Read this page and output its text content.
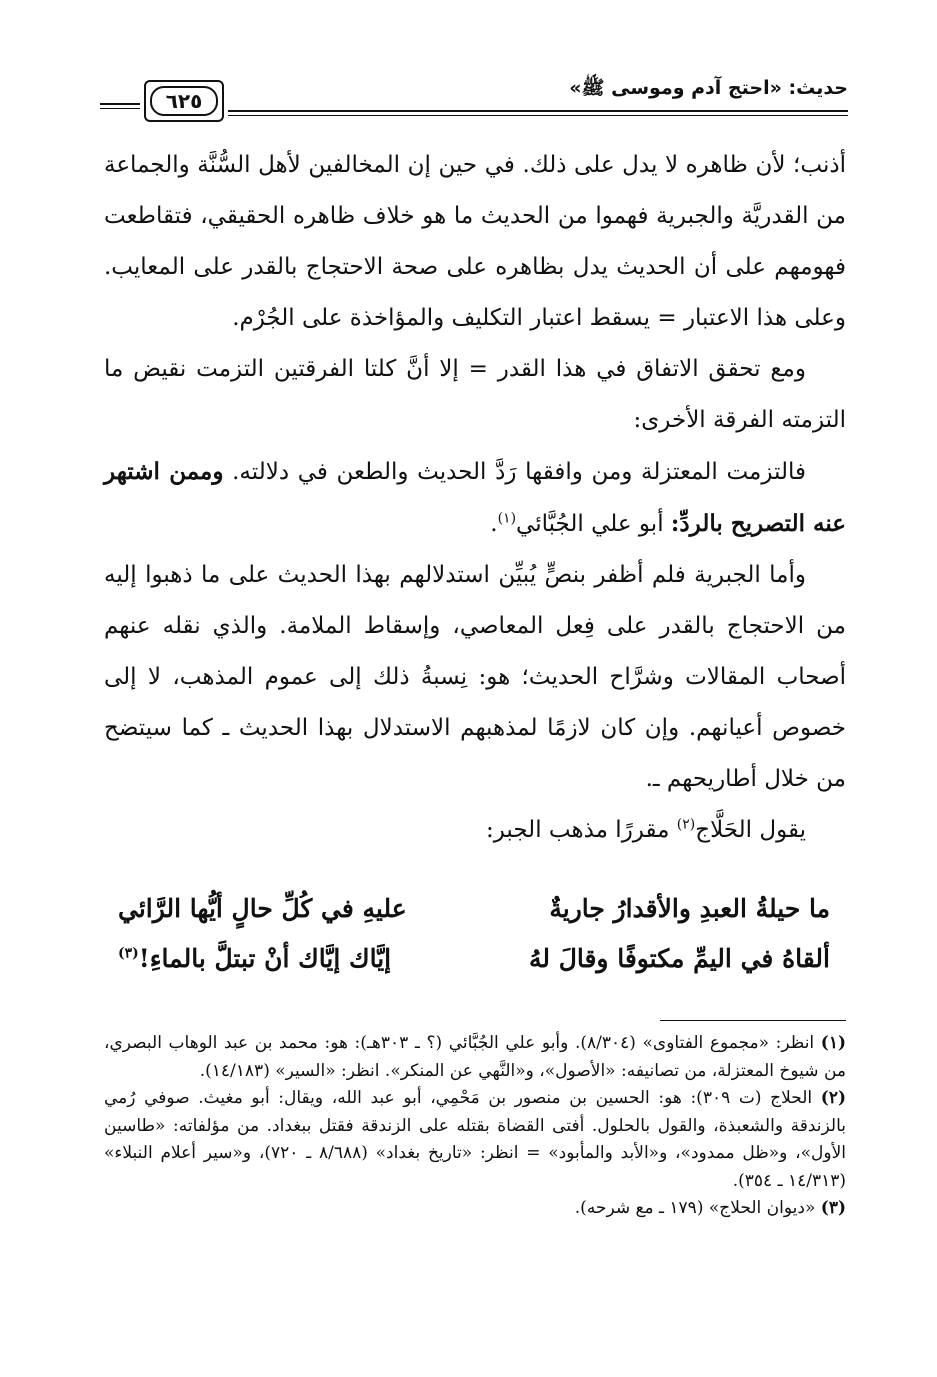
حديث: «احتج آدم وموسى ﷺ»
٦٢٥

أذنب؛ لأن ظاهره لا يدل على ذلك. في حين إن المخالفين لأهل السُّنَّة والجماعة من القدريَّة والجبرية فهموا من الحديث ما هو خلاف ظاهره الحقيقي، فتقاطعت فهومهم على أن الحديث يدل بظاهره على صحة الاحتجاج بالقدر على المعايب. وعلى هذا الاعتبار = يسقط اعتبار التكليف والمؤاخذة على الجُرْم.

ومع تحقق الاتفاق في هذا القدر = إلا أنَّ كلتا الفرقتين التزمت نقيض ما التزمته الفرقة الأخرى:

فالتزمت المعتزلة ومن وافقها رَدَّ الحديث والطعن في دلالته. وممن اشتهر عنه التصريح بالردِّ: أبو علي الجُبَّائي$^{(١)}$.

وأما الجبرية فلم أظفر بنصٍّ يُبيِّن استدلالهم بهذا الحديث على ما ذهبوا إليه من الاحتجاج بالقدر على فِعل المعاصي، وإسقاط الملامة. والذي نقله عنهم أصحاب المقالات وشرَّاح الحديث؛ هو: نِسبةُ ذلك إلى عموم المذهب، لا إلى خصوص أعيانهم. وإن كان لازمًا لمذهبهم الاستدلال بهذا الحديث ـ كما سيتضح من خلال أطاريحهم ـ.

يقول الحَلَّاج$^{(٢)}$ مقررًا مذهب الجبر:

ما حيلةُ العبدِ والأقدارُ جاريةٌ
عليهِ في كُلِّ حالٍ أيُّها الرَّائي
ألقاهُ في اليمِّ مكتوفًا وقالَ لهُ
إيَّاك إيَّاك أنْ تبتلَّ بالماءِ!$^{(٣)}$

(١) انظر: «مجموع الفتاوى» (٨/٣٠٤). وأبو علي الجُبَّائي (؟ ـ ٣٠٣هـ): هو: محمد بن عبد الوهاب البصري، من شيوخ المعتزلة، من تصانيفه: «الأصول»، و«النَّهي عن المنكر». انظر: «السير» (١٤/١٨٣).

(٢) الحلاج (ت ٣٠٩): هو: الحسين بن منصور بن مَحْمِي، أبو عبد الله، ويقال: أبو مغيث. صوفي رُمي بالزندقة والشعبذة، والقول بالحلول. أفتى القضاة بقتله على الزندقة فقتل ببغداد. من مؤلفاته: «طاسين الأول»، و«ظل ممدود»، و«الأبد والمأبود» = انظر: «تاريخ بغداد» (٨/٦٨٨ ـ ٧٢٠)، و«سير أعلام النبلاء» (١٤/٣١٣ ـ ٣٥٤).

(٣) «ديوان الحلاج» (١٧٩ ـ مع شرحه).
